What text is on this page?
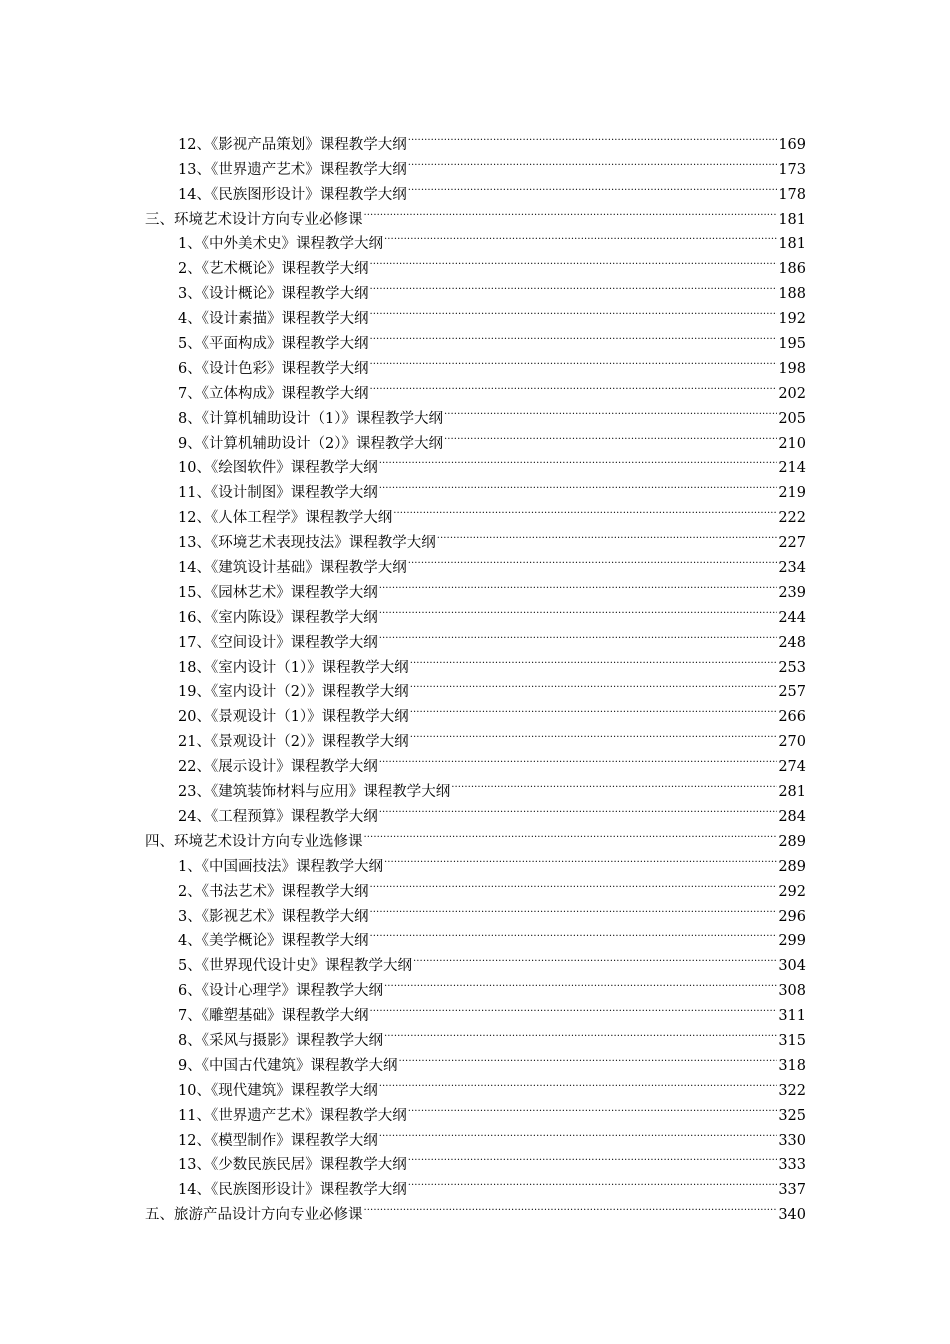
12、《影视产品策划》课程教学大纲 .....	169
13、《世界遗产艺术》课程教学大纲 .....	173
14、《民族图形设计》课程教学大纲 .....	178
三、环境艺术设计方向专业必修课 .....	181
1、《中外美术史》课程教学大纲 .....	181
2、《艺术概论》课程教学大纲 .....	186
3、《设计概论》课程教学大纲 .....	188
4、《设计素描》课程教学大纲 .....	192
5、《平面构成》课程教学大纲 .....	195
6、《设计色彩》课程教学大纲 .....	198
7、《立体构成》课程教学大纲 .....	202
8、《计算机辅助设计（1）》课程教学大纲 .....	205
9、《计算机辅助设计（2）》课程教学大纲 .....	210
10、《绘图软件》课程教学大纲 .....	214
11、《设计制图》课程教学大纲 .....	219
12、《人体工程学》课程教学大纲 .....	222
13、《环境艺术表现技法》课程教学大纲 .....	227
14、《建筑设计基础》课程教学大纲 .....	234
15、《园林艺术》课程教学大纲 .....	239
16、《室内陈设》课程教学大纲 .....	244
17、《空间设计》课程教学大纲 .....	248
18、《室内设计（1）》课程教学大纲 .....	253
19、《室内设计（2）》课程教学大纲 .....	257
20、《景观设计（1）》课程教学大纲 .....	266
21、《景观设计（2）》课程教学大纲 .....	270
22、《展示设计》课程教学大纲 .....	274
23、《建筑装饰材料与应用》课程教学大纲 .....	281
24、《工程预算》课程教学大纲 .....	284
四、环境艺术设计方向专业选修课 .....	289
1、《中国画技法》课程教学大纲 .....	289
2、《书法艺术》课程教学大纲 .....	292
3、《影视艺术》课程教学大纲 .....	296
4、《美学概论》课程教学大纲 .....	299
5、《世界现代设计史》课程教学大纲 .....	304
6、《设计心理学》课程教学大纲 .....	308
7、《雕塑基础》课程教学大纲 .....	311
8、《采风与摄影》课程教学大纲 .....	315
9、《中国古代建筑》课程教学大纲 .....	318
10、《现代建筑》课程教学大纲 .....	322
11、《世界遗产艺术》课程教学大纲 .....	325
12、《模型制作》课程教学大纲 .....	330
13、《少数民族民居》课程教学大纲 .....	333
14、《民族图形设计》课程教学大纲 .....	337
五、旅游产品设计方向专业必修课 .....	340
